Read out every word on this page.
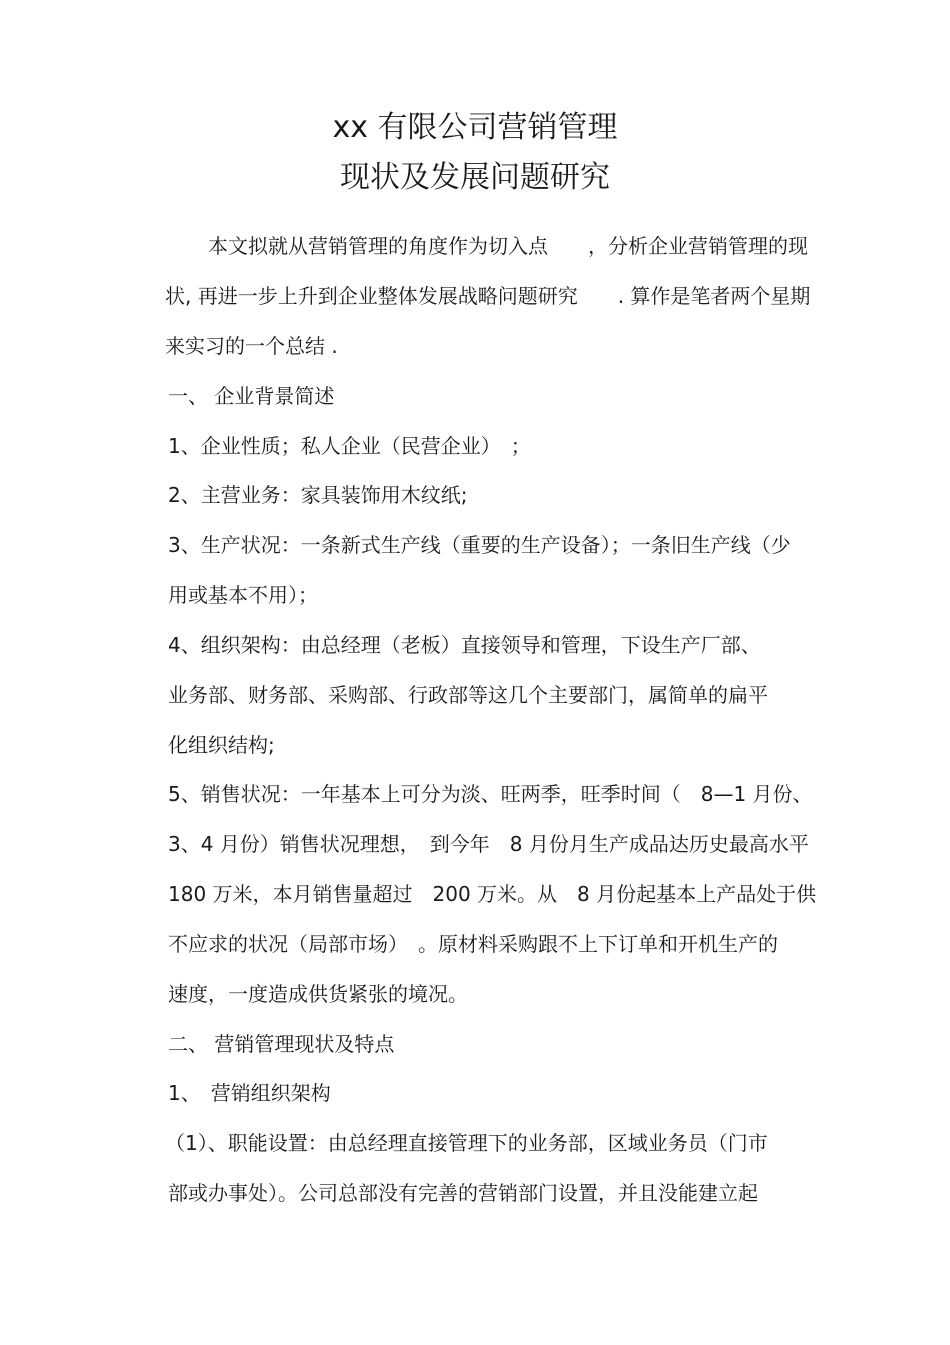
xx 有限公司营销管理
现状及发展问题研究
本文拟就从营销管理的角度作为切入点　　，分析企业营销管理的现
状, 再进一步上升到企业整体发展战略问题研究　　. 算作是笔者两个星期
来实习的一个总结 .
一、 企业背景简述
1、企业性质；私人企业（民营企业）　；
2、主营业务：家具装饰用木纹纸;
3、生产状况：一条新式生产线（重要的生产设备）；一条旧生产线（少
用或基本不用）；
4、组织架构：由总经理（老板）直接领导和管理，下设生产厂部、
业务部、财务部、采购部、行政部等这几个主要部门，属简单的扁平
化组织结构;
5、销售状况：一年基本上可分为淡、旺两季，旺季时间（　8—1 月份、
3、4 月份）销售状况理想，　到今年　8 月份月生产成品达历史最高水平
180 万米，本月销售量超过　200 万米。从　8 月份起基本上产品处于供
不应求的状况（局部市场）　。原材料采购跟不上下订单和开机生产的
速度，一度造成供货紧张的境况。
二、 营销管理现状及特点
1、　营销组织架构
（1）、职能设置：由总经理直接管理下的业务部，区域业务员（门市
部或办事处）。公司总部没有完善的营销部门设置，并且没能建立起
